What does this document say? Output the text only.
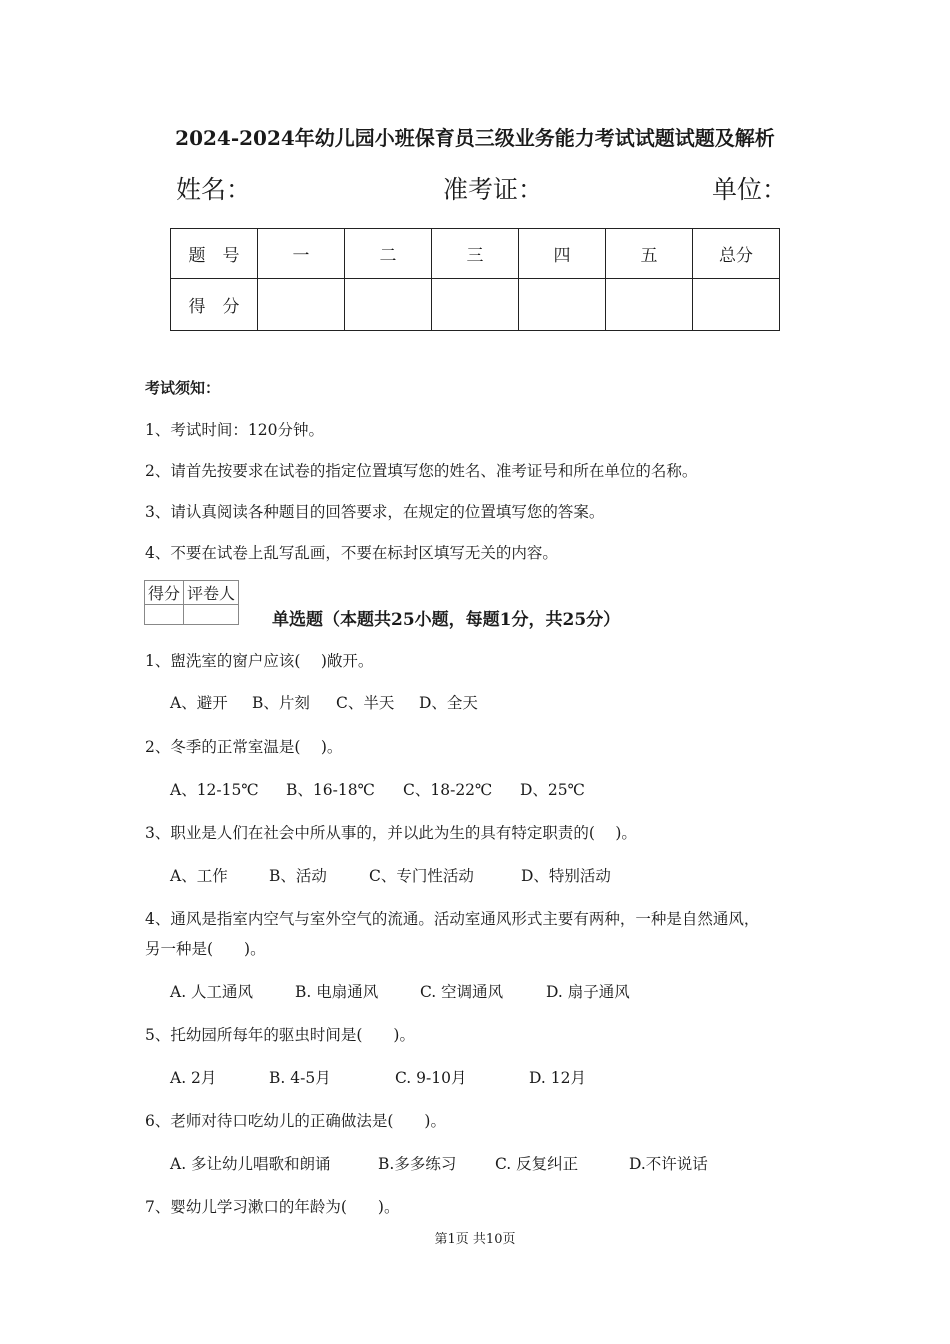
2024-2024年幼儿园小班保育员三级业务能力考试试题试题及解析
姓名：	准考证：	单位：
题　号	一	二	三	四	五	总分
得　分						
考试须知：
1、考试时间：120分钟。
2、请首先按要求在试卷的指定位置填写您的姓名、准考证号和所在单位的名称。
3、请认真阅读各种题目的回答要求，在规定的位置填写您的答案。
4、不要在试卷上乱写乱画，不要在标封区填写无关的内容。
得分	评卷人

单选题（本题共25小题，每题1分，共25分）
1、盥洗室的窗户应该(　 )敞开。
A、避开 B、片刻 C、半天 D、全天
2、冬季的正常室温是(　 )。
A、12-15℃ B、16-18℃ C、18-22℃ D、25℃
3、职业是人们在社会中所从事的，并以此为生的具有特定职责的(　 )。
A、工作	B、活动	C、专门性活动	D、特别活动
4、通风是指室内空气与室外空气的流通。活动室通风形式主要有两种，一种是自然通风，
另一种是(　　)。
A. 人工通风	B. 电扇通风	C. 空调通风	D. 扇子通风
5、托幼园所每年的驱虫时间是(　　)。
A. 2月	B. 4-5月	C. 9-10月	D. 12月
6、老师对待口吃幼儿的正确做法是(　　)。
A. 多让幼儿唱歌和朗诵	B.多多练习 C. 反复纠正	D.不许说话
7、婴幼儿学习漱口的年龄为(　　)。
第1页 共10页
